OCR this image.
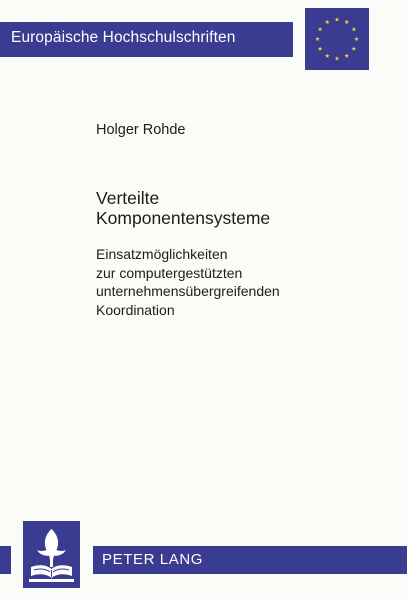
Europäische Hochschulschriften
Holger Rohde
Verteilte
Komponentensysteme
Einsatzmöglichkeiten
zur computergestützten
unternehmensübergreifenden
Koordination
PETER LANG
